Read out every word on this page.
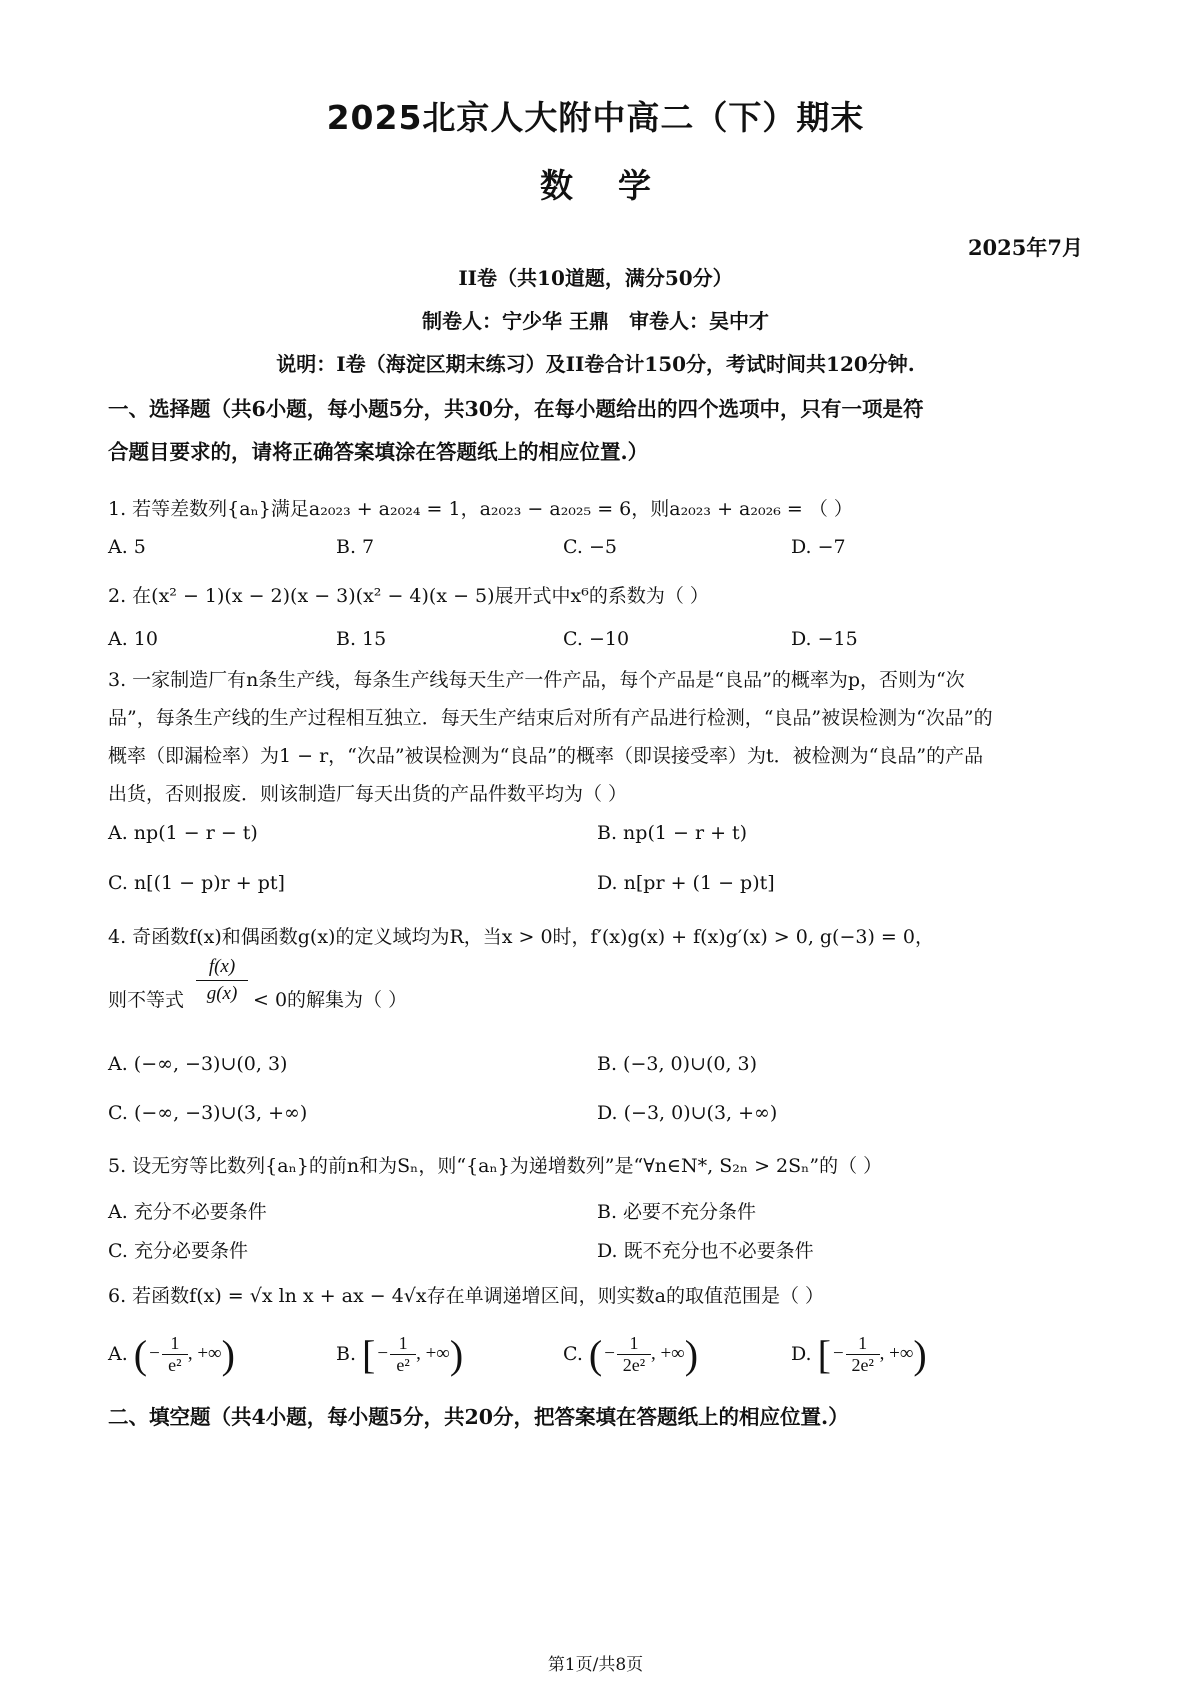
2025北京人大附中高二（下）期末
数学
2025年7月
II卷（共10道题，满分50分）
制卷人：宁少华 王鼎　审卷人：吴中才
说明：I卷（海淀区期末练习）及II卷合计150分，考试时间共120分钟.
一、选择题（共6小题，每小题5分，共30分，在每小题给出的四个选项中，只有一项是符
合题目要求的，请将正确答案填涂在答题纸上的相应位置.）
1. 若等差数列{aₙ}满足a₂₀₂₃ + a₂₀₂₄ = 1，a₂₀₂₃ − a₂₀₂₅ = 6，则a₂₀₂₃ + a₂₀₂₆ = （ ）
A. 5	B. 7	C. −5	D. −7
2. 在(x² − 1)(x − 2)(x − 3)(x² − 4)(x − 5)展开式中x⁶的系数为（ ）
A. 10	B. 15	C. −10	D. −15
3. 一家制造厂有n条生产线，每条生产线每天生产一件产品，每个产品是“良品”的概率为p，否则为“次
品”，每条生产线的生产过程相互独立．每天生产结束后对所有产品进行检测，“良品”被误检测为“次品”的
概率（即漏检率）为1 − r，“次品”被误检测为“良品”的概率（即误接受率）为t．被检测为“良品”的产品
出货，否则报废．则该制造厂每天出货的产品件数平均为（ ）
A. np(1 − r − t)	B. np(1 − r + t)
C. n[(1 − p)r + pt]	D. n[pr + (1 − p)t]
4. 奇函数f(x)和偶函数g(x)的定义域均为R，当x > 0时，f′(x)g(x) + f(x)g′(x) > 0, g(−3) = 0，
则不等式
f(x)
g(x) < 0的解集为（ ）
A. (−∞, −3)∪(0, 3)	B. (−3, 0)∪(0, 3)
C. (−∞, −3)∪(3, +∞)	D. (−3, 0)∪(3, +∞)
5. 设无穷等比数列{aₙ}的前n和为Sₙ，则“{aₙ}为递增数列”是“∀n∈N*, S₂ₙ > 2Sₙ”的（ ）
A. 充分不必要条件	B. 必要不充分条件
C. 充分必要条件	D. 既不充分也不必要条件
6. 若函数f(x) = √x ln x + ax − 4√x存在单调递增区间，则实数a的取值范围是（ ）
A. ( −
1
e²
, +∞ )	B. [ −
1
e²
, +∞ )	C. ( −
1
2e²
, +∞ )	D. [ −
1
2e²
, +∞ )
二、填空题（共4小题，每小题5分，共20分，把答案填在答题纸上的相应位置.）
第1页/共8页
